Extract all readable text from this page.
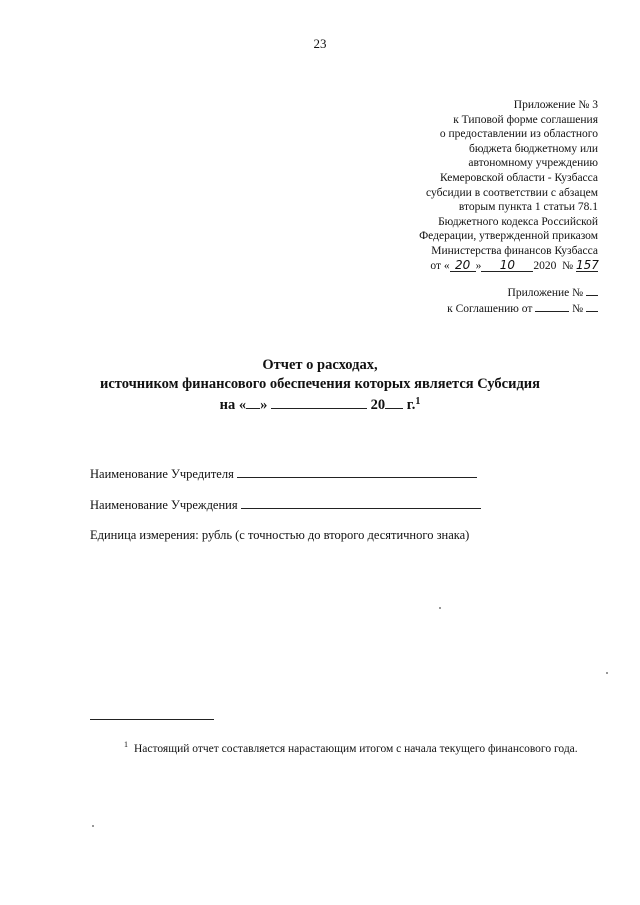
23
Приложение № 3
к Типовой форме соглашения
о предоставлении из областного
бюджета бюджетному или
автономному учреждению
Кемеровской области - Кузбасса
субсидии в соответствии с абзацем
вторым пункта 1 статьи 78.1
Бюджетного кодекса Российской
Федерации, утвержденной приказом
Министерства финансов Кузбасса
от « 20 » 10 2020 № 157
Приложение №
к Соглашению от	№
Отчет о расходах,
источником финансового обеспечения которых является Субсидия
на « »	20 г.$^1$
Наименование Учредителя
Наименование Учреждения
Единица измерения: рубль (с точностью до второго десятичного знака)
$^1$ Настоящий отчет составляется нарастающим итогом с начала текущего финансового года.
